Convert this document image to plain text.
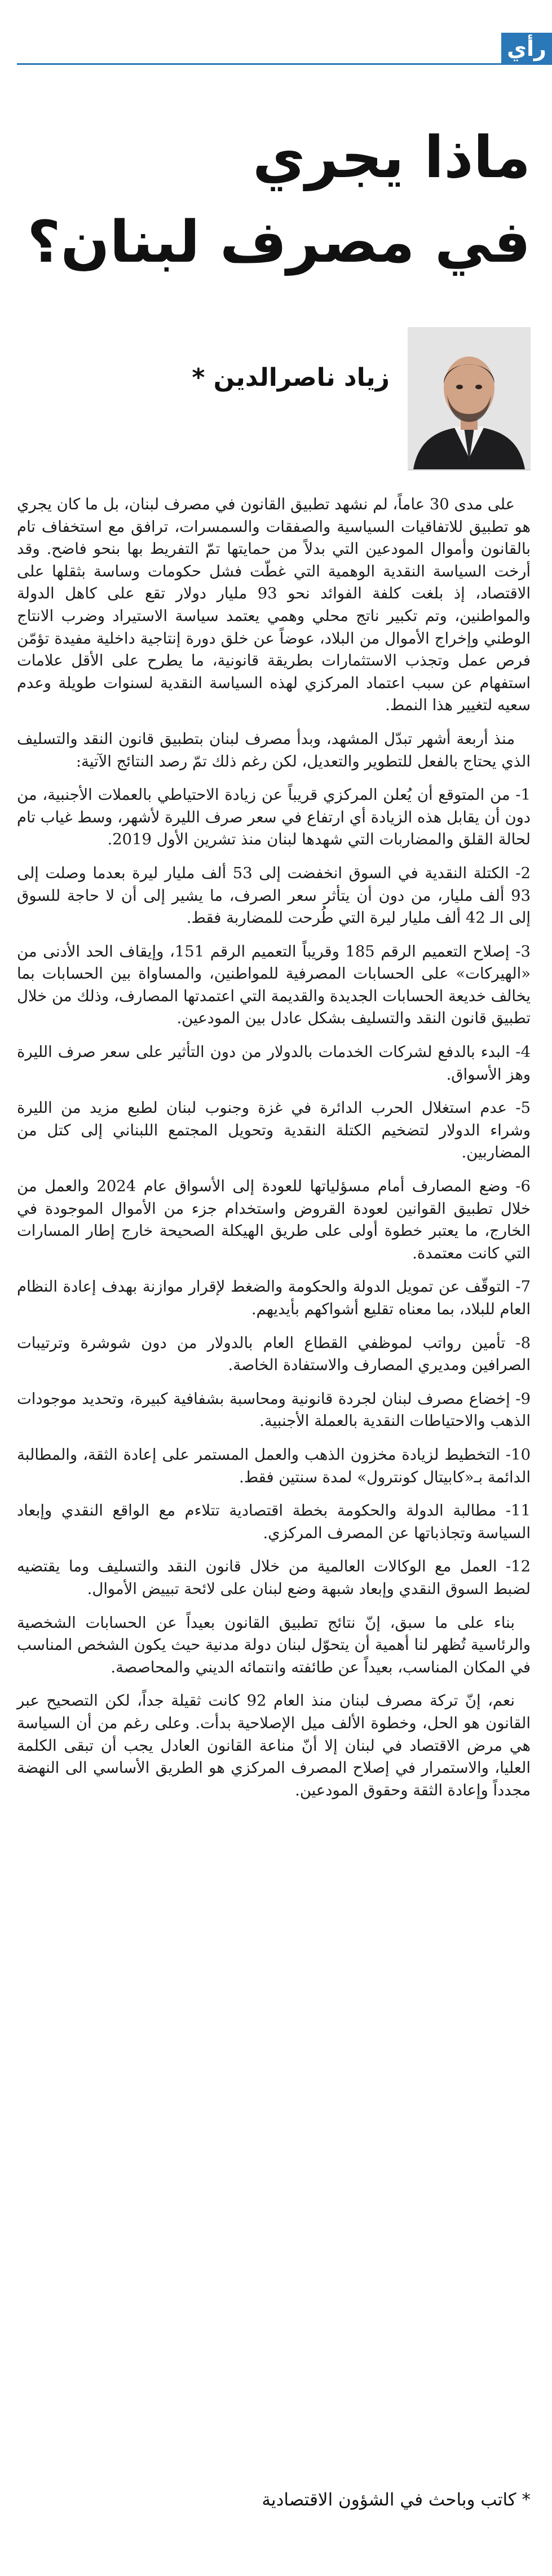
رأي
ماذا يجري
في مصرف لبنان؟
زياد ناصرالدين *

على مدى 30 عاماً، لم نشهد تطبيق القانون في مصرف لبنان، بل ما كان يجري هو تطبيق للاتفاقيات السياسية والصفقات والسمسرات، ترافق مع استخفاف تام بالقانون وأموال المودعين التي بدلاً من حمايتها تمّ التفريط بها بنحو فاضح. وقد أرخت السياسة النقدية الوهمية التي غطّت فشل حكومات وساسة بثقلها على الاقتصاد، إذ بلغت كلفة الفوائد نحو 93 مليار دولار تقع على كاهل الدولة والمواطنين، وتم تكبير ناتج محلي وهمي يعتمد سياسة الاستيراد وضرب الانتاج الوطني وإخراج الأموال من البلاد، عوضاً عن خلق دورة إنتاجية داخلية مفيدة تؤمّن فرص عمل وتجذب الاستثمارات بطريقة قانونية، ما يطرح على الأقل علامات استفهام عن سبب اعتماد المركزي لهذه السياسة النقدية لسنوات طويلة وعدم سعيه لتغيير هذا النمط.

منذ أربعة أشهر تبدّل المشهد، وبدأ مصرف لبنان بتطبيق قانون النقد والتسليف الذي يحتاج بالفعل للتطوير والتعديل، لكن رغم ذلك تمّ رصد النتائج الآتية:

1- من المتوقع أن يُعلن المركزي قريباً عن زيادة الاحتياطي بالعملات الأجنبية، من دون أن يقابل هذه الزيادة أي ارتفاع في سعر صرف الليرة لأشهر، وسط غياب تام لحالة القلق والمضاربات التي شهدها لبنان منذ تشرين الأول 2019.

2- الكتلة النقدية في السوق انخفضت إلى 53 ألف مليار ليرة بعدما وصلت إلى 93 ألف مليار، من دون أن يتأثر سعر الصرف، ما يشير إلى أن لا حاجة للسوق إلى الـ 42 ألف مليار ليرة التي طُرحت للمضاربة فقط.

3- إصلاح التعميم الرقم 185 وقريباً التعميم الرقم 151، وإيقاف الحد الأدنى من «الهيركات» على الحسابات المصرفية للمواطنين، والمساواة بين الحسابات بما يخالف خديعة الحسابات الجديدة والقديمة التي اعتمدتها المصارف، وذلك من خلال تطبيق قانون النقد والتسليف بشكل عادل بين المودعين.

4- البدء بالدفع لشركات الخدمات بالدولار من دون التأثير على سعر صرف الليرة وهز الأسواق.

5- عدم استغلال الحرب الدائرة في غزة وجنوب لبنان لطبع مزيد من الليرة وشراء الدولار لتضخيم الكتلة النقدية وتحويل المجتمع اللبناني إلى كتل من المضاربين.

6- وضع المصارف أمام مسؤلياتها للعودة إلى الأسواق عام 2024 والعمل من خلال تطبيق القوانين لعودة القروض واستخدام جزء من الأموال الموجودة في الخارج، ما يعتبر خطوة أولى على طريق الهيكلة الصحيحة خارج إطار المسارات التي كانت معتمدة.

7- التوقّف عن تمويل الدولة والحكومة والضغط لإقرار موازنة بهدف إعادة النظام العام للبلاد، بما معناه تقليع أشواكهم بأيديهم.

8- تأمين رواتب لموظفي القطاع العام بالدولار من دون شوشرة وترتيبات الصرافين ومديري المصارف والاستفادة الخاصة.

9- إخضاع مصرف لبنان لجردة قانونية ومحاسبة بشفافية كبيرة، وتحديد موجودات الذهب والاحتياطات النقدية بالعملة الأجنبية.

10- التخطيط لزيادة مخزون الذهب والعمل المستمر على إعادة الثقة، والمطالبة الدائمة بـ«كابيتال كونترول» لمدة سنتين فقط.

11- مطالبة الدولة والحكومة بخطة اقتصادية تتلاءم مع الواقع النقدي وإبعاد السياسة وتجاذباتها عن المصرف المركزي.

12- العمل مع الوكالات العالمية من خلال قانون النقد والتسليف وما يقتضيه لضبط السوق النقدي وإبعاد شبهة وضع لبنان على لائحة تبييض الأموال.

بناء على ما سبق، إنّ نتائج تطبيق القانون بعيداً عن الحسابات الشخصية والرئاسية تُظهر لنا أهمية أن يتحوّل لبنان دولة مدنية حيث يكون الشخص المناسب في المكان المناسب، بعيداً عن طائفته وانتمائه الديني والمحاصصة.

نعم، إنّ تركة مصرف لبنان منذ العام 92 كانت ثقيلة جداً، لكن التصحيح عبر القانون هو الحل، وخطوة الألف ميل الإصلاحية بدأت. وعلى رغم من أن السياسة هي مرض الاقتصاد في لبنان إلا أنّ مناعة القانون العادل يجب أن تبقى الكلمة العليا، والاستمرار في إصلاح المصرف المركزي هو الطريق الأساسي الى النهضة مجدداً وإعادة الثقة وحقوق المودعين.

* كاتب وباحث في الشؤون الاقتصادية
